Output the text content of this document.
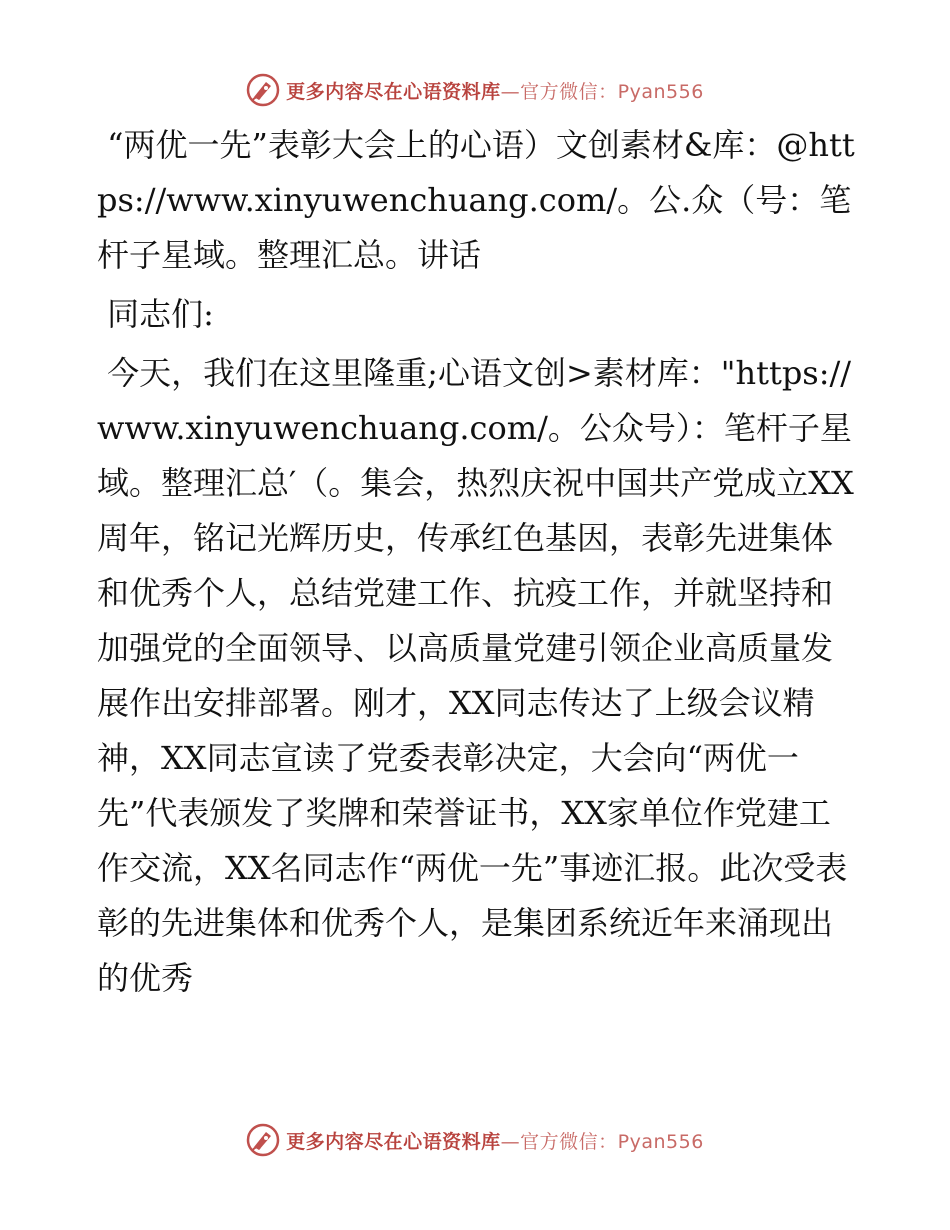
更多内容尽在心语资料库—官方微信：Pyan556

“两优一先”表彰大会上的心语）文创素材&库：@https://www.xinyuwenchuang.com/。公.众（号：笔杆子星域。整理汇总。讲话

同志们:

今天，我们在这里隆重;心语文创>素材库："https://www.xinyuwenchuang.com/。公众号）：笔杆子星域。整理汇总′（。集会，热烈庆祝中国共产党成立XX周年，铭记光辉历史，传承红色基因，表彰先进集体和优秀个人，总结党建工作、抗疫工作，并就坚持和加强党的全面领导、以高质量党建引领企业高质量发展作出安排部署。刚才，XX同志传达了上级会议精神，XX同志宣读了党委表彰决定，大会向“两优一先”代表颁发了奖牌和荣誉证书，XX家单位作党建工作交流，XX名同志作“两优一先”事迹汇报。此次受表彰的先进集体和优秀个人，是集团系统近年来涌现出的优秀

更多内容尽在心语资料库—官方微信：Pyan556
